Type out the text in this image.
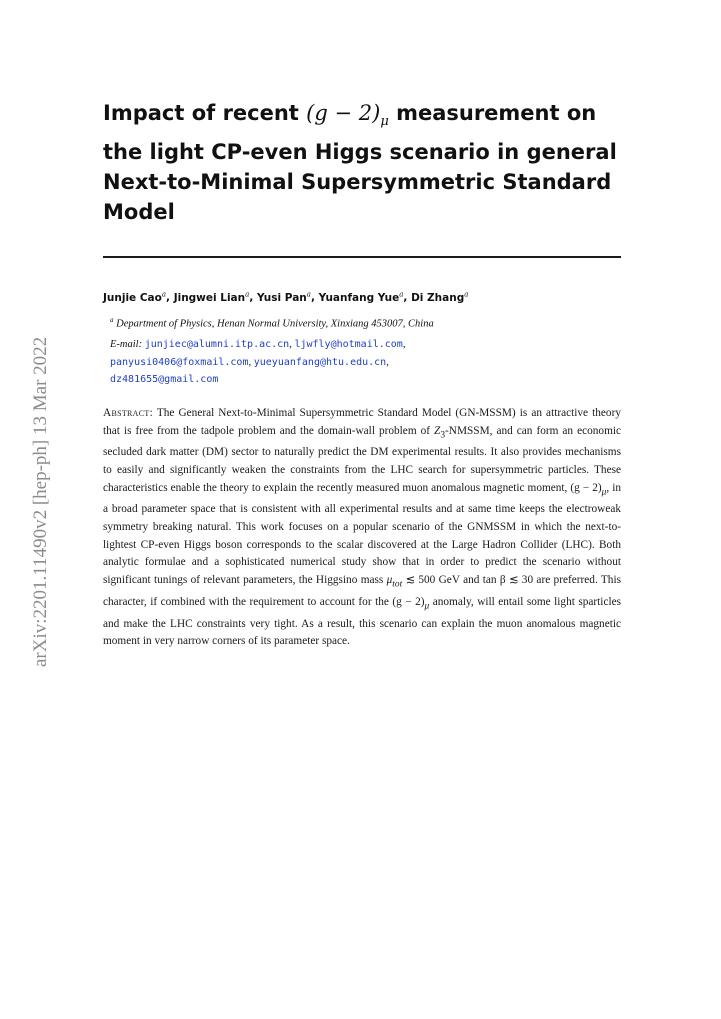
arXiv:2201.11490v2 [hep-ph] 13 Mar 2022
Impact of recent $(g - 2)_\mu$ measurement on the light CP-even Higgs scenario in general Next-to-Minimal Supersymmetric Standard Model
Junjie Cao$^a$, Jingwei Lian$^a$, Yusi Pan$^a$, Yuanfang Yue$^a$, Di Zhang$^a$
$^a$ Department of Physics, Henan Normal University, Xinxiang 453007, China
E-mail: junjiec@alumni.itp.ac.cn, ljwfly@hotmail.com,
panyusi0406@foxmail.com, yueyuanfang@htu.edu.cn,
dz481655@gmail.com

Abstract: The General Next-to-Minimal Supersymmetric Standard Model (GN-MSSM) is an attractive theory that is free from the tadpole problem and the domain-wall problem of $Z_3$-NMSSM, and can form an economic secluded dark matter (DM) sector to naturally predict the DM experimental results. It also provides mechanisms to easily and significantly weaken the constraints from the LHC search for supersymmetric particles. These characteristics enable the theory to explain the recently measured muon anomalous magnetic moment, $(g - 2)_\mu$, in a broad parameter space that is consistent with all experimental results and at same time keeps the electroweak symmetry breaking natural. This work focuses on a popular scenario of the GNMSSM in which the next-to-lightest CP-even Higgs boson corresponds to the scalar discovered at the Large Hadron Collider (LHC). Both analytic formulae and a sophisticated numerical study show that in order to predict the scenario without significant tunings of relevant parameters, the Higgsino mass $\mu_{tot}$ ≲ 500 GeV and tan β ≲ 30 are preferred. This character, if combined with the requirement to account for the $(g - 2)_\mu$ anomaly, will entail some light sparticles and make the LHC constraints very tight. As a result, this scenario can explain the muon anomalous magnetic moment in very narrow corners of its parameter space.
